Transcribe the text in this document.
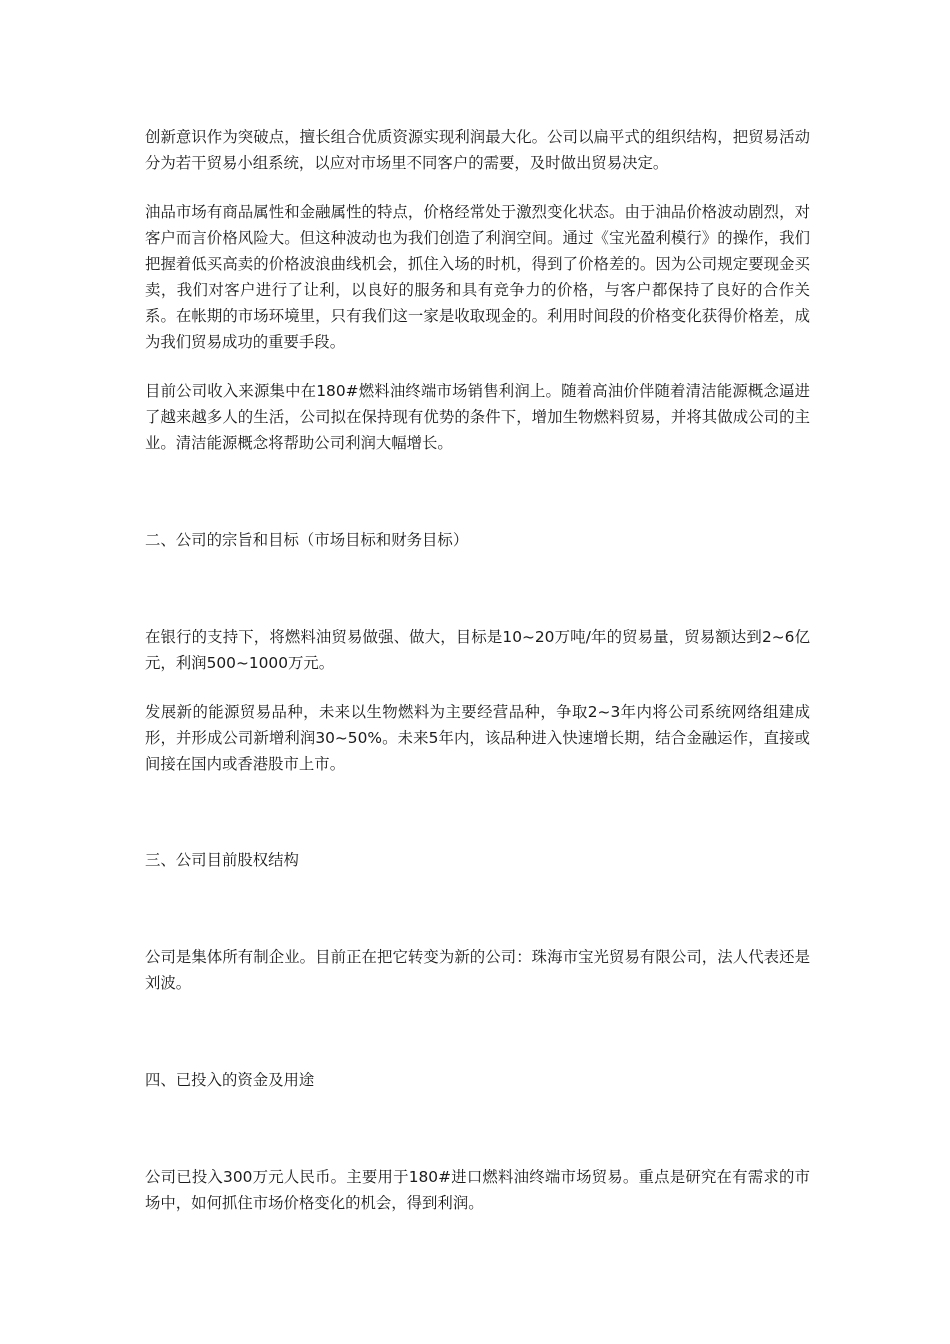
创新意识作为突破点，擅长组合优质资源实现利润最大化。公司以扁平式的组织结构，把贸易活动分为若干贸易小组系统，以应对市场里不同客户的需要，及时做出贸易决定。

油品市场有商品属性和金融属性的特点，价格经常处于激烈变化状态。由于油品价格波动剧烈，对客户而言价格风险大。但这种波动也为我们创造了利润空间。通过《宝光盈利模行》的操作，我们把握着低买高卖的价格波浪曲线机会，抓住入场的时机，得到了价格差的。因为公司规定要现金买卖，我们对客户进行了让利，以良好的服务和具有竞争力的价格，与客户都保持了良好的合作关系。在帐期的市场环境里，只有我们这一家是收取现金的。利用时间段的价格变化获得价格差，成为我们贸易成功的重要手段。

目前公司收入来源集中在180#燃料油终端市场销售利润上。随着高油价伴随着清洁能源概念逼进了越来越多人的生活，公司拟在保持现有优势的条件下，增加生物燃料贸易，并将其做成公司的主业。清洁能源概念将帮助公司利润大幅增长。

二、公司的宗旨和目标（市场目标和财务目标）

在银行的支持下，将燃料油贸易做强、做大，目标是10~20万吨/年的贸易量，贸易额达到2~6亿元，利润500~1000万元。

发展新的能源贸易品种，未来以生物燃料为主要经营品种，争取2~3年内将公司系统网络组建成形，并形成公司新增利润30~50%。未来5年内，该品种进入快速增长期，结合金融运作，直接或间接在国内或香港股市上市。

三、公司目前股权结构

公司是集体所有制企业。目前正在把它转变为新的公司：珠海市宝光贸易有限公司，法人代表还是刘波。

四、已投入的资金及用途

公司已投入300万元人民币。主要用于180#进口燃料油终端市场贸易。重点是研究在有需求的市场中，如何抓住市场价格变化的机会，得到利润。
